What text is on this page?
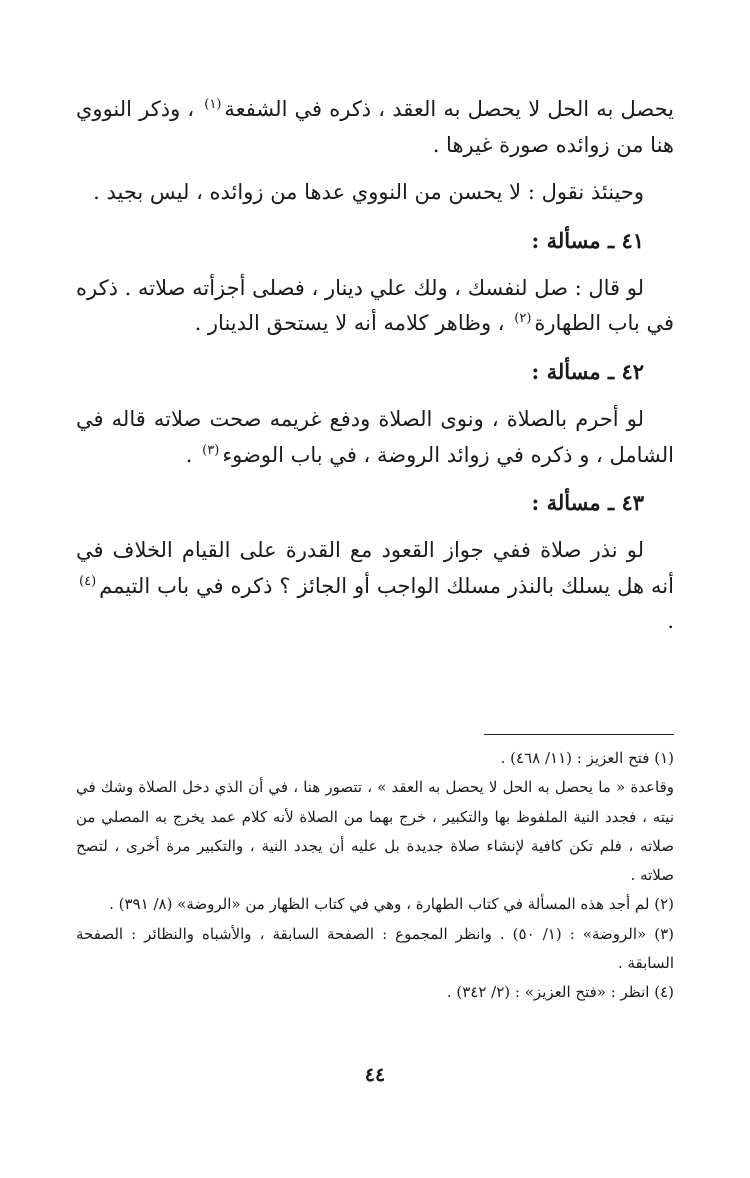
يحصل به الحل لا يحصل به العقد ، ذكره في الشفعة$^{(١)}$ ، وذكر النووي هنا من زوائده صورة غيرها .

وحينئذ نقول : لا يحسن من النووي عدها من زوائده ، ليس بجيد .

٤١ ـ مسألة :

لو قال : صل لنفسك ، ولك علي دينار ، فصلى أجزأته صلاته . ذكره في باب الطهارة$^{(٢)}$ ، وظاهر كلامه أنه لا يستحق الدينار .

٤٢ ـ مسألة :

لو أحرم بالصلاة ، ونوى الصلاة ودفع غريمه صحت صلاته قاله في الشامل ، و ذكره في زوائد الروضة ، في باب الوضوء$^{(٣)}$ .

٤٣ ـ مسألة :

لو نذر صلاة ففي جواز القعود مع القدرة على القيام الخلاف في أنه هل يسلك بالنذر مسلك الواجب أو الجائز ؟ ذكره في باب التيمم$^{(٤)}$ .

(١) فتح العزيز : (١١/ ٤٦٨) .

وقاعدة « ما يحصل به الحل لا يحصل به العقد » ، تتصور هنا ، في أن الذي دخل الصلاة وشك في نيته ، فجدد النية الملفوظ بها والتكبير ، خرج بهما من الصلاة لأنه كلام عمد يخرج به المصلي من صلاته ، فلم تكن كافية لإنشاء صلاة جديدة بل عليه أن يجدد النية ، والتكبير مرة أخرى ، لتصح صلاته .

(٢) لم أجد هذه المسألة في كتاب الطهارة ، وهي في كتاب الظهار من «الروضة» (٨/ ٣٩١) .

(٣) «الروضة» : (١/ ٥٠) . وانظر المجموع : الصفحة السابقة ، والأشباه والنظائر : الصفحة السابقة .

(٤) انظر : «فتح العزيز» : (٢/ ٣٤٢) .

٤٤
